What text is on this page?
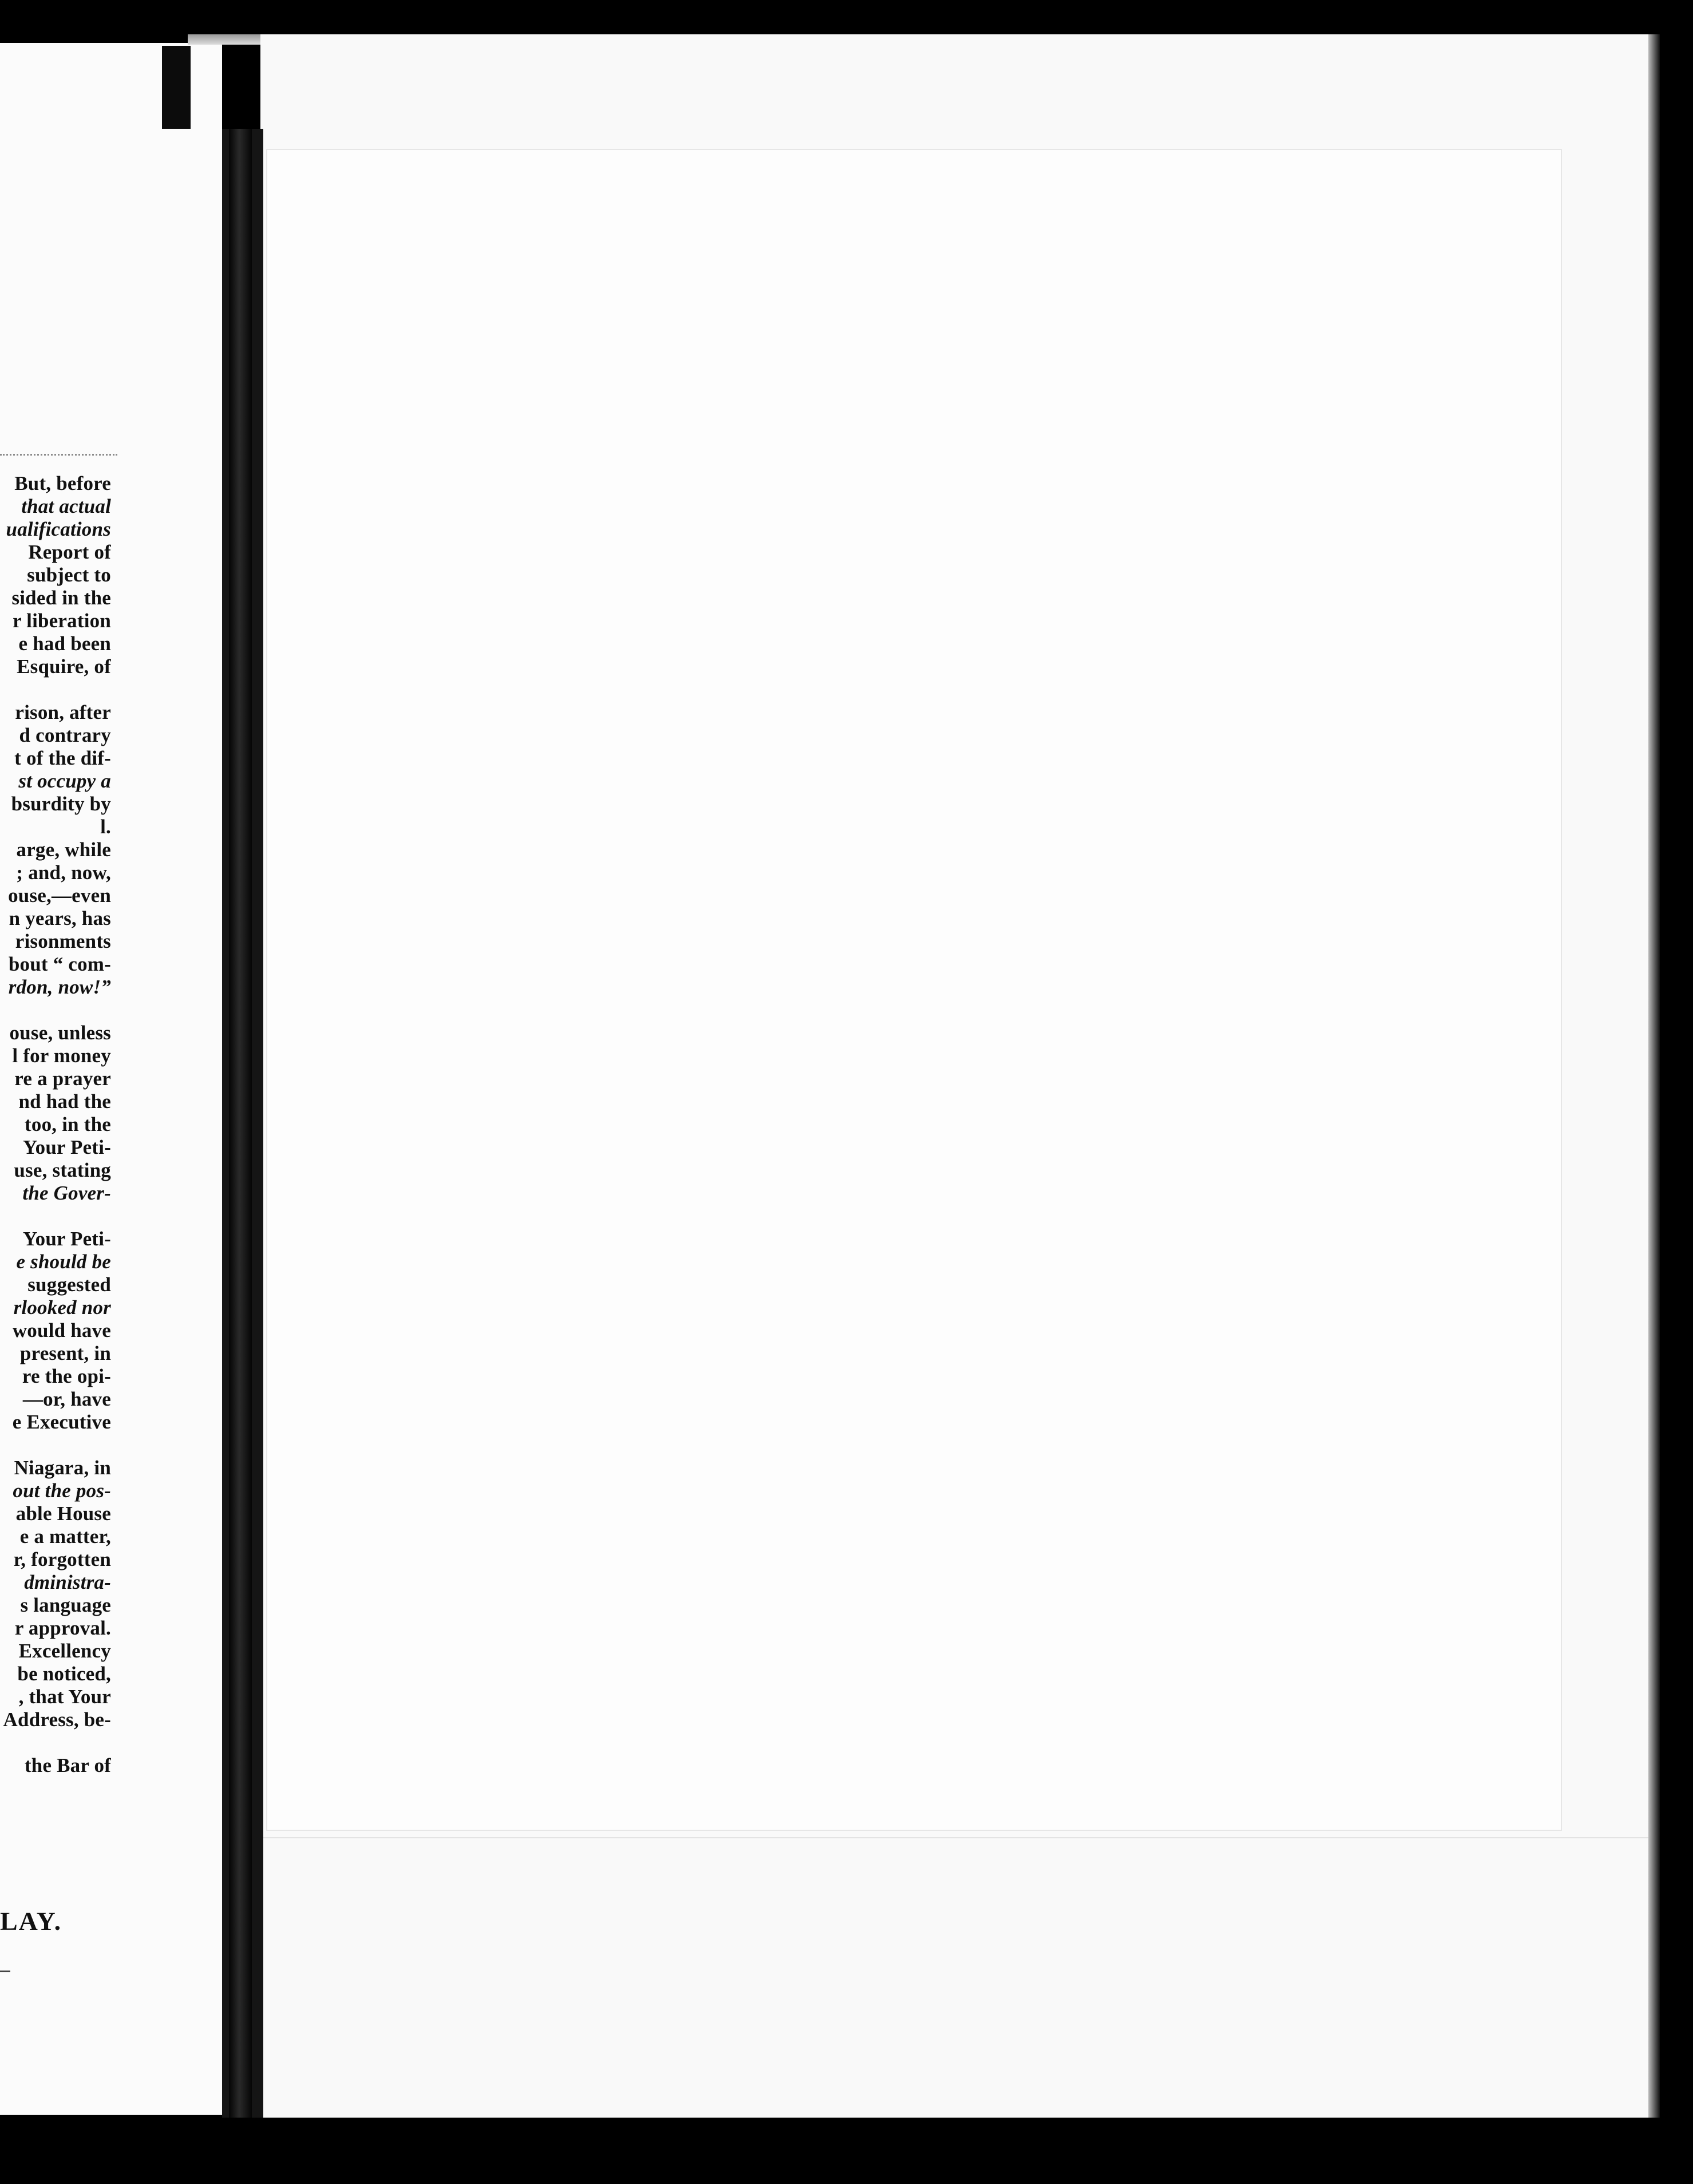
But, before
that actual
ualifications
Report of
subject to
sided in the
r liberation
e had been
Esquire, of
rison, after
d contrary
t of the dif-
st occupy a
bsurdity by
l.
arge, while
; and, now,
ouse,—even
n years, has
risonments
bout “ com-
rdon, now!”
ouse, unless
l for money
re a prayer
nd had the
too, in the
Your Peti-
use, stating
the Gover-
Your Peti-
e should be
suggested
rlooked nor
would have
present, in
re the opi-
—or, have
e Executive
Niagara, in
out the pos-
able House
e a matter,
r, forgotten
dministra-
s language
r approval.
Excellency
be noticed,
, that Your
Address, be-
the Bar of
LAY.
